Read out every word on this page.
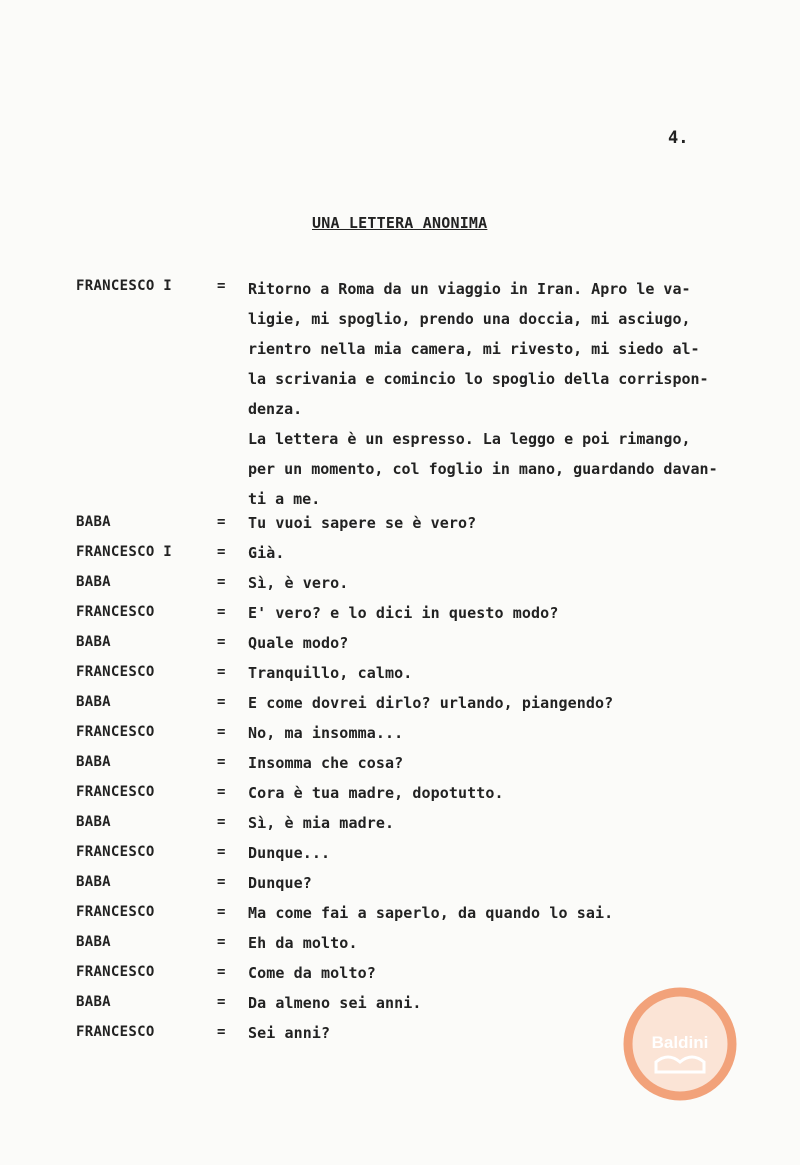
4.
UNA LETTERA ANONIMA
FRANCESCO I	= Ritorno a Roma da un viaggio in Iran. Apro le va-
ligie, mi spoglio, prendo una doccia, mi asciugo,
rientro nella mia camera, mi rivesto, mi siedo al-
la scrivania e comincio lo spoglio della corrispon-
denza.
La lettera è un espresso. La leggo e poi rimango,
per un momento, col foglio in mano, guardando davan-
ti a me.
BABA	= Tu vuoi sapere se è vero?
FRANCESCO I	= Già.
BABA	= Sì, è vero.
FRANCESCO	= E' vero? e lo dici in questo modo?
BABA	= Quale modo?
FRANCESCO	= Tranquillo, calmo.
BABA	= E come dovrei dirlo? urlando, piangendo?
FRANCESCO	= No, ma insomma...
BABA	= Insomma che cosa?
FRANCESCO	= Cora è tua madre, dopotutto.
BABA	= Sì, è mia madre.
FRANCESCO	= Dunque...
BABA	= Dunque?
FRANCESCO	= Ma come fai a saperlo, da quando lo sai.
BABA	= Eh da molto.
FRANCESCO	= Come da molto?
BABA	= Da almeno sei anni.
FRANCESCO	= Sei anni?	Baldini
